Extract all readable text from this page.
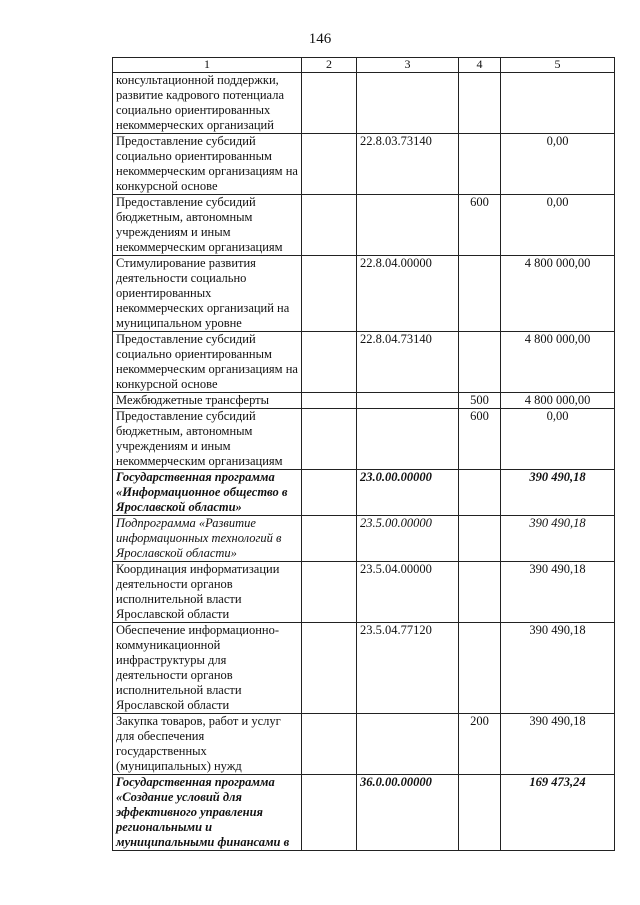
146
1	2	3	4	5
консультационной поддержки, развитие кадрового потенциала социально ориентированных некоммерческих организаций				
Предоставление субсидий социально ориентированным некоммерческим организациям на конкурсной основе		22.8.03.73140		0,00
Предоставление субсидий бюджетным, автономным учреждениям и иным некоммерческим организациям			600	0,00
Стимулирование развития деятельности социально ориентированных некоммерческих организаций на муниципальном уровне		22.8.04.00000		4 800 000,00
Предоставление субсидий социально ориентированным некоммерческим организациям на конкурсной основе		22.8.04.73140		4 800 000,00
Межбюджетные трансферты			500	4 800 000,00
Предоставление субсидий бюджетным, автономным учреждениям и иным некоммерческим организациям			600	0,00
Государственная программа «Информационное общество в Ярославской области»		23.0.00.00000		390 490,18
Подпрограмма «Развитие информационных технологий в Ярославской области»		23.5.00.00000		390 490,18
Координация информатизации деятельности органов исполнительной власти Ярославской области		23.5.04.00000		390 490,18
Обеспечение информационно-коммуникационной инфраструктуры для деятельности органов исполнительной власти Ярославской области		23.5.04.77120		390 490,18
Закупка товаров, работ и услуг для обеспечения государственных (муниципальных) нужд			200	390 490,18
Государственная программа «Создание условий для эффективного управления региональными и муниципальными финансами в		36.0.00.00000		169 473,24
